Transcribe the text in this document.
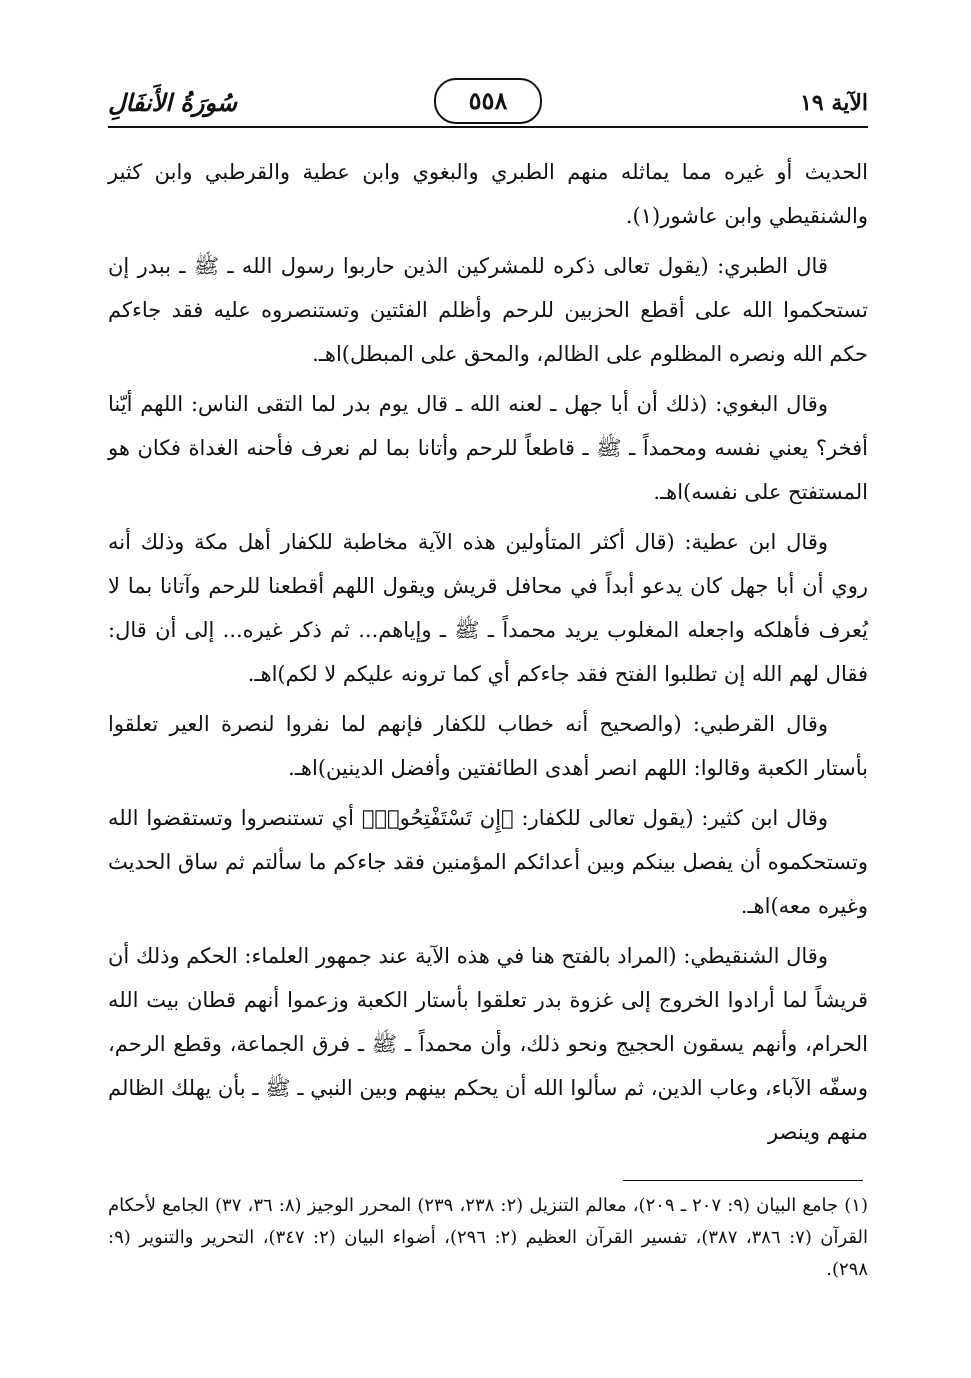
الآية ١٩
٥٥٨
سُورَةُ الأَنفَالِ

الحديث أو غيره مما يماثله منهم الطبري والبغوي وابن عطية والقرطبي وابن كثير والشنقيطي وابن عاشور(١).

قال الطبري: (يقول تعالى ذكره للمشركين الذين حاربوا رسول الله ـ ﷺ ـ ببدر إن تستحكموا الله على أقطع الحزبين للرحم وأظلم الفئتين وتستنصروه عليه فقد جاءكم حكم الله ونصره المظلوم على الظالم، والمحق على المبطل)اهـ.

وقال البغوي: (ذلك أن أبا جهل ـ لعنه الله ـ قال يوم بدر لما التقى الناس: اللهم أيّنا أفخر؟ يعني نفسه ومحمداً ـ ﷺ ـ قاطعاً للرحم وأتانا بما لم نعرف فأحنه الغداة فكان هو المستفتح على نفسه)اهـ.

وقال ابن عطية: (قال أكثر المتأولين هذه الآية مخاطبة للكفار أهل مكة وذلك أنه روي أن أبا جهل كان يدعو أبداً في محافل قريش ويقول اللهم أقطعنا للرحم وآتانا بما لا يُعرف فأهلكه واجعله المغلوب يريد محمداً ـ ﷺ ـ وإياهم... ثم ذكر غيره... إلى أن قال: فقال لهم الله إن تطلبوا الفتح فقد جاءكم أي كما ترونه عليكم لا لكم)اهـ.

وقال القرطبي: (والصحيح أنه خطاب للكفار فإنهم لما نفروا لنصرة العير تعلقوا بأستار الكعبة وقالوا: اللهم انصر أهدى الطائفتين وأفضل الدينين)اهـ.

وقال ابن كثير: (يقول تعالى للكفار: ﴿إِن تَسْتَفْتِحُوا۟﴾ أي تستنصروا وتستقضوا الله وتستحكموه أن يفصل بينكم وبين أعدائكم المؤمنين فقد جاءكم ما سألتم ثم ساق الحديث وغيره معه)اهـ.

وقال الشنقيطي: (المراد بالفتح هنا في هذه الآية عند جمهور العلماء: الحكم وذلك أن قريشاً لما أرادوا الخروج إلى غزوة بدر تعلقوا بأستار الكعبة وزعموا أنهم قطان بيت الله الحرام، وأنهم يسقون الحجيج ونحو ذلك، وأن محمداً ـ ﷺ ـ فرق الجماعة، وقطع الرحم، وسفّه الآباء، وعاب الدين، ثم سألوا الله أن يحكم بينهم وبين النبي ـ ﷺ ـ بأن يهلك الظالم منهم وينصر

(١) جامع البيان (٩: ٢٠٧ ـ ٢٠٩)، معالم التنزيل (٢: ٢٣٨، ٢٣٩) المحرر الوجيز (٨: ٣٦، ٣٧) الجامع لأحكام القرآن (٧: ٣٨٦، ٣٨٧)، تفسير القرآن العظيم (٢: ٢٩٦)، أضواء البيان (٢: ٣٤٧)، التحرير والتنوير (٩: ٢٩٨).
